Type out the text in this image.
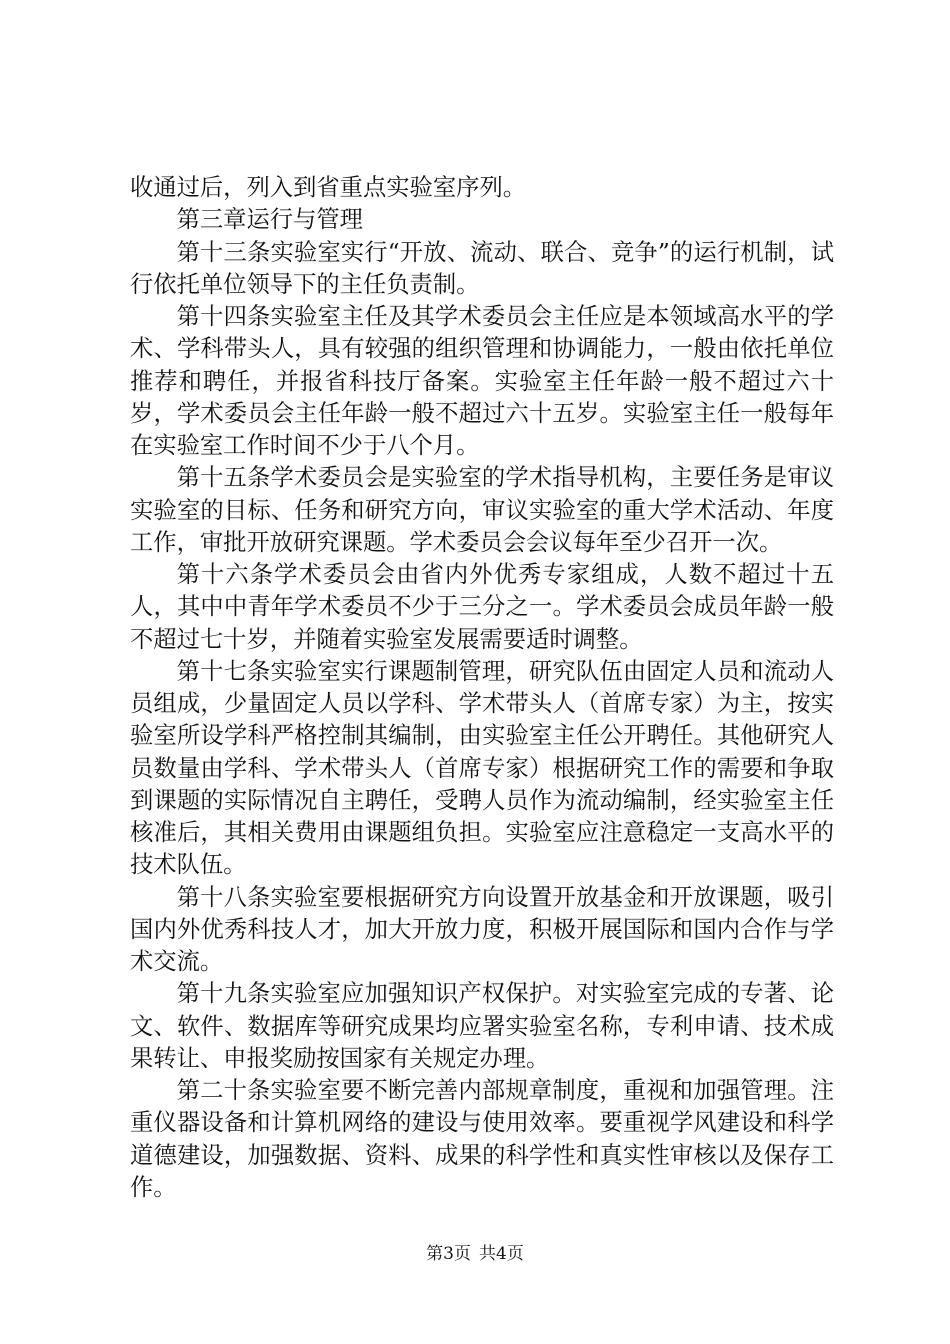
收通过后，列入到省重点实验室序列。

第三章运行与管理

第十三条实验室实行“开放、流动、联合、竞争”的运行机制，试行依托单位领导下的主任负责制。

第十四条实验室主任及其学术委员会主任应是本领域高水平的学术、学科带头人，具有较强的组织管理和协调能力，一般由依托单位推荐和聘任，并报省科技厅备案。实验室主任年龄一般不超过六十岁，学术委员会主任年龄一般不超过六十五岁。实验室主任一般每年在实验室工作时间不少于八个月。

第十五条学术委员会是实验室的学术指导机构，主要任务是审议实验室的目标、任务和研究方向，审议实验室的重大学术活动、年度工作，审批开放研究课题。学术委员会会议每年至少召开一次。

第十六条学术委员会由省内外优秀专家组成，人数不超过十五人，其中中青年学术委员不少于三分之一。学术委员会成员年龄一般不超过七十岁，并随着实验室发展需要适时调整。

第十七条实验室实行课题制管理，研究队伍由固定人员和流动人员组成，少量固定人员以学科、学术带头人（首席专家）为主，按实验室所设学科严格控制其编制，由实验室主任公开聘任。其他研究人员数量由学科、学术带头人（首席专家）根据研究工作的需要和争取到课题的实际情况自主聘任，受聘人员作为流动编制，经实验室主任核准后，其相关费用由课题组负担。实验室应注意稳定一支高水平的技术队伍。

第十八条实验室要根据研究方向设置开放基金和开放课题，吸引国内外优秀科技人才，加大开放力度，积极开展国际和国内合作与学术交流。

第十九条实验室应加强知识产权保护。对实验室完成的专著、论文、软件、数据库等研究成果均应署实验室名称，专利申请、技术成果转让、申报奖励按国家有关规定办理。

第二十条实验室要不断完善内部规章制度，重视和加强管理。注重仪器设备和计算机网络的建设与使用效率。要重视学风建设和科学道德建设，加强数据、资料、成果的科学性和真实性审核以及保存工作。

第3页 共4页
